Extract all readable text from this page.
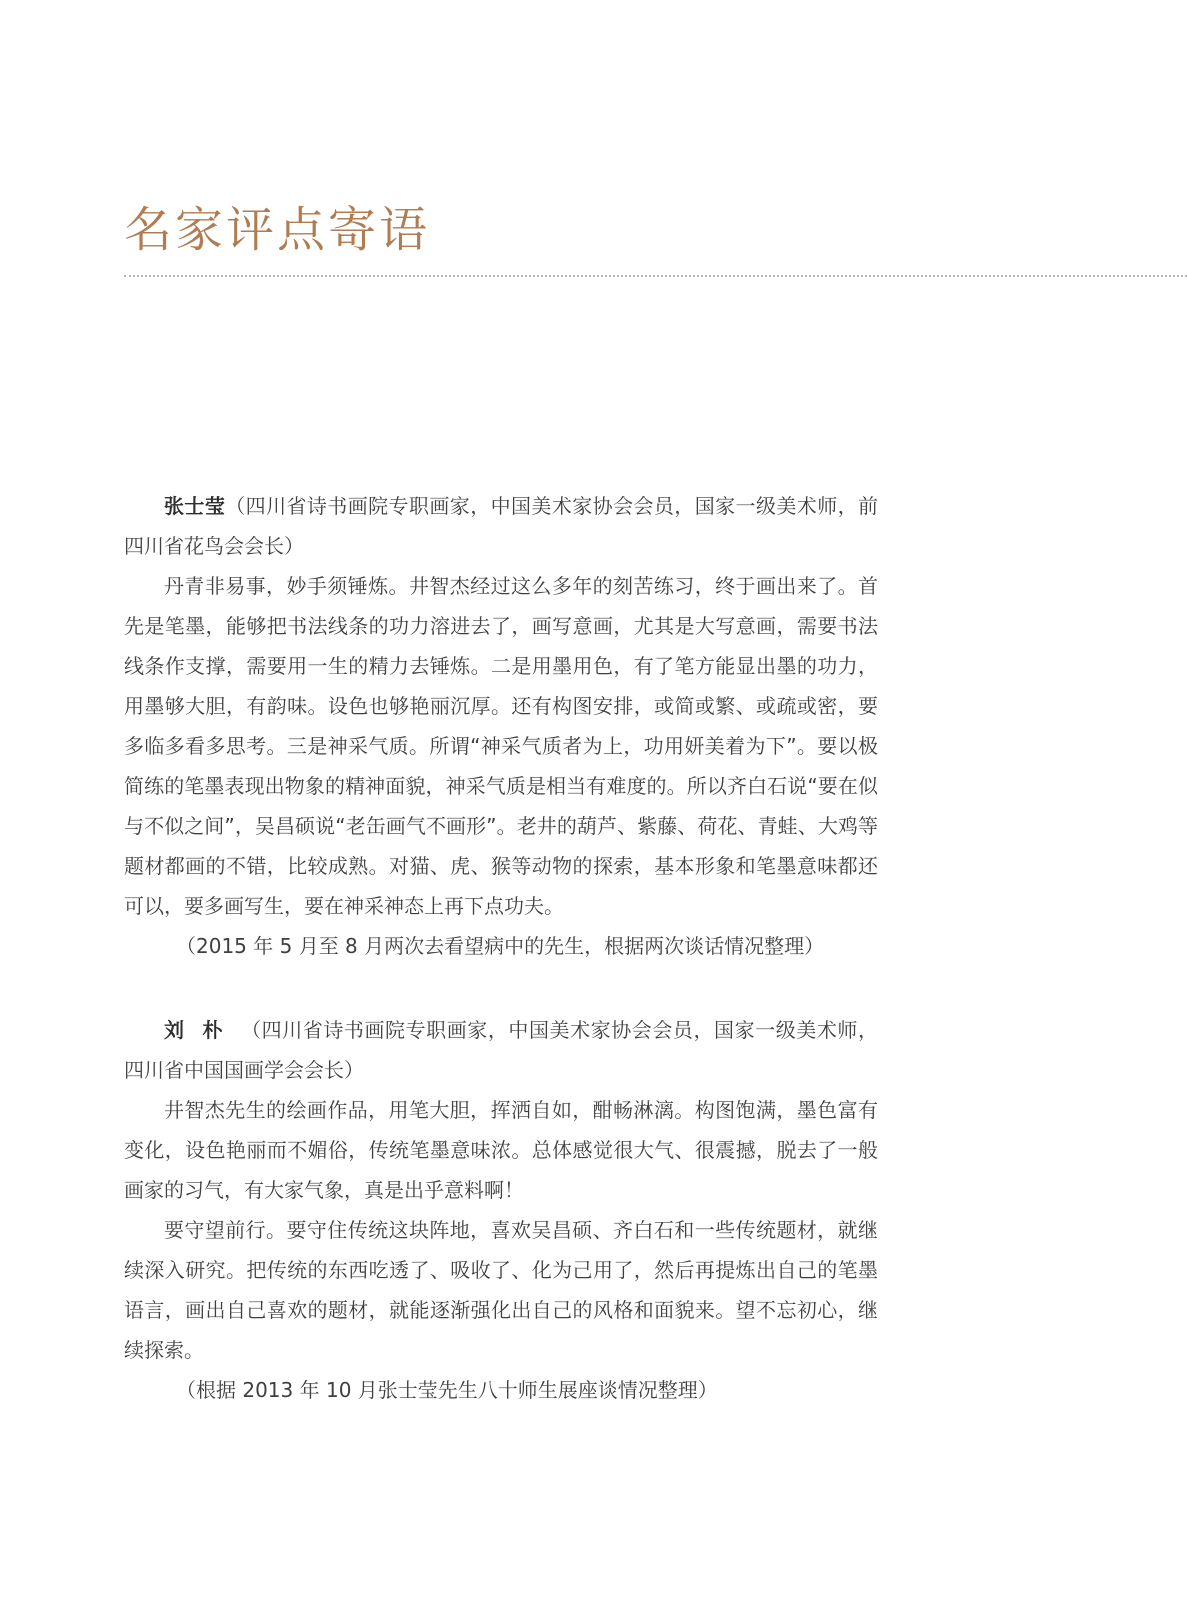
名家评点寄语

张士莹（四川省诗书画院专职画家，中国美术家协会会员，国家一级美术师，前四川省花鸟会会长）

丹青非易事，妙手须锤炼。井智杰经过这么多年的刻苦练习，终于画出来了。首先是笔墨，能够把书法线条的功力溶进去了，画写意画，尤其是大写意画，需要书法线条作支撑，需要用一生的精力去锤炼。二是用墨用色，有了笔方能显出墨的功力，用墨够大胆，有韵味。设色也够艳丽沉厚。还有构图安排，或简或繁、或疏或密，要多临多看多思考。三是神采气质。所谓“神采气质者为上，功用妍美着为下”。要以极简练的笔墨表现出物象的精神面貌，神采气质是相当有难度的。所以齐白石说“要在似与不似之间”，吴昌硕说“老缶画气不画形”。老井的葫芦、紫藤、荷花、青蛙、大鸡等题材都画的不错，比较成熟。对猫、虎、猴等动物的探索，基本形象和笔墨意味都还可以，要多画写生，要在神采神态上再下点功夫。

（2015 年 5 月至 8 月两次去看望病中的先生，根据两次谈话情况整理）

刘朴（四川省诗书画院专职画家，中国美术家协会会员，国家一级美术师，四川省中国国画学会会长）

井智杰先生的绘画作品，用笔大胆，挥洒自如，酣畅淋漓。构图饱满，墨色富有变化，设色艳丽而不媚俗，传统笔墨意味浓。总体感觉很大气、很震撼，脱去了一般画家的习气，有大家气象，真是出乎意料啊！

要守望前行。要守住传统这块阵地，喜欢吴昌硕、齐白石和一些传统题材，就继续深入研究。把传统的东西吃透了、吸收了、化为己用了，然后再提炼出自己的笔墨语言，画出自己喜欢的题材，就能逐渐强化出自己的风格和面貌来。望不忘初心，继续探索。

（根据 2013 年 10 月张士莹先生八十师生展座谈情况整理）
